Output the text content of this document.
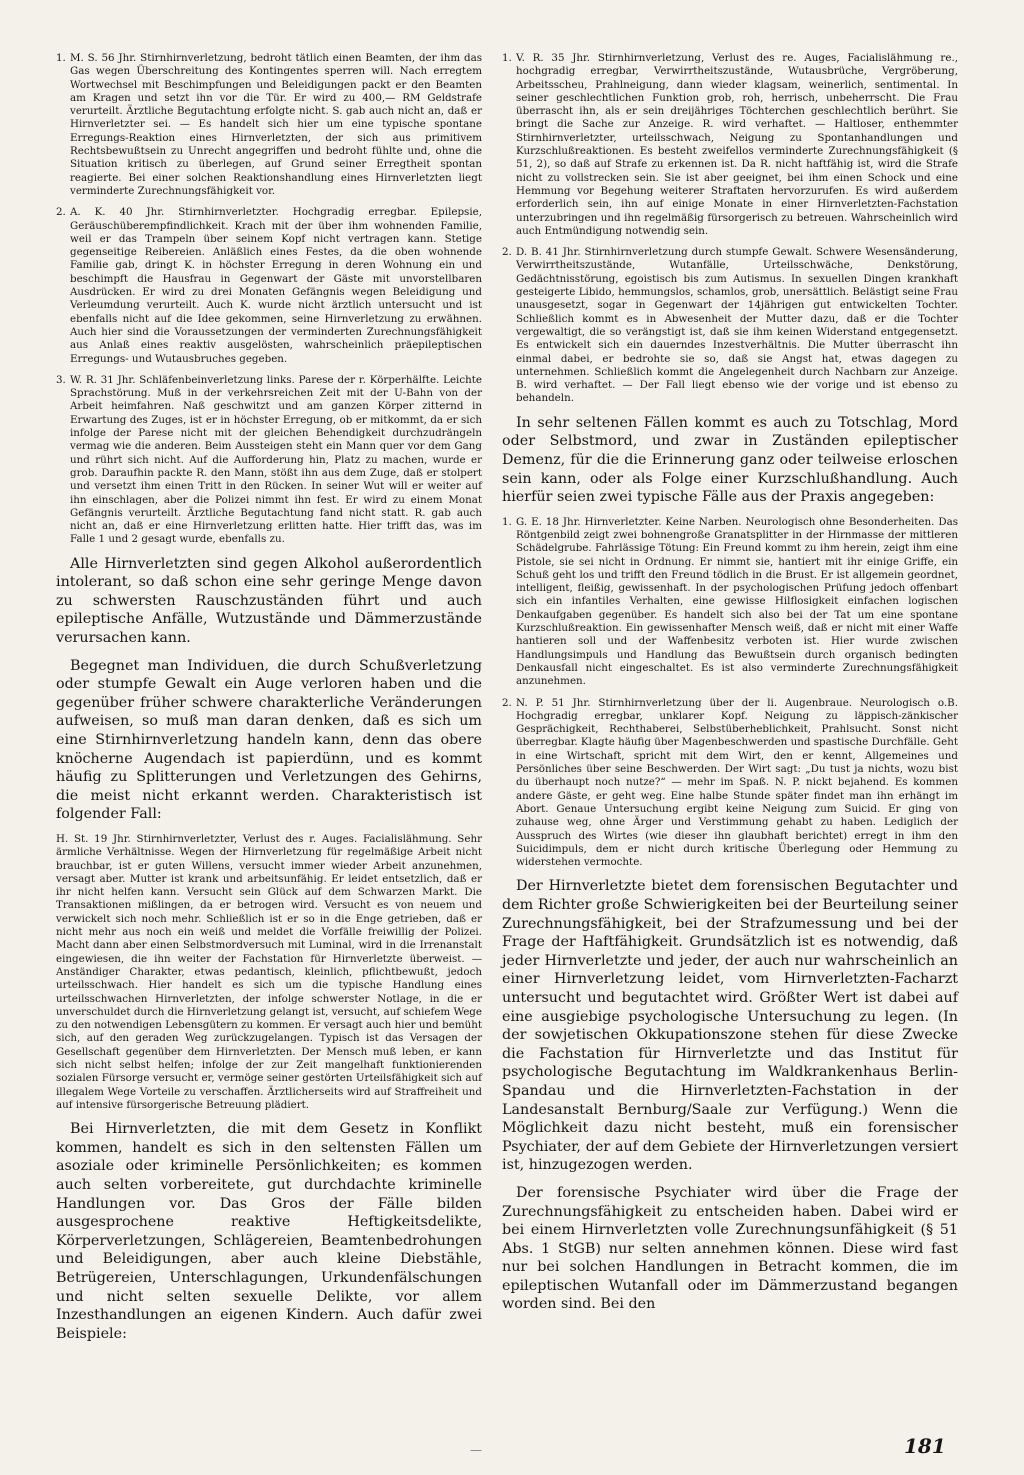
1. M. S. 56 Jhr. Stirnhirnverletzung, bedroht tätlich einen Beamten, der ihm das Gas wegen Überschreitung des Kontingentes sperren will. Nach erregtem Wortwechsel mit Beschimpfungen und Beleidigungen packt er den Beamten am Kragen und setzt ihn vor die Tür. Er wird zu 400,— RM Geldstrafe verurteilt. Ärztliche Begutachtung erfolgte nicht. S. gab auch nicht an, daß er Hirnverletzter sei. — Es handelt sich hier um eine typische spontane Erregungs-Reaktion eines Hirnverletzten, der sich aus primitivem Rechtsbewußtsein zu Unrecht angegriffen und bedroht fühlte und, ohne die Situation kritisch zu überlegen, auf Grund seiner Erregtheit spontan reagierte. Bei einer solchen Reaktionshandlung eines Hirnverletzten liegt verminderte Zurechnungsfähigkeit vor.
2. A. K. 40 Jhr. Stirnhirnverletzter. Hochgradig erregbar. Epilepsie, Geräuschüberempfindlichkeit. Krach mit der über ihm wohnenden Familie, weil er das Trampeln über seinem Kopf nicht vertragen kann. Stetige gegenseitige Reibereien. Anläßlich eines Festes, da die oben wohnende Familie gab, dringt K. in höchster Erregung in deren Wohnung ein und beschimpft die Hausfrau in Gegenwart der Gäste mit unvorstellbaren Ausdrücken. Er wird zu drei Monaten Gefängnis wegen Beleidigung und Verleumdung verurteilt. Auch K. wurde nicht ärztlich untersucht und ist ebenfalls nicht auf die Idee gekommen, seine Hirnverletzung zu erwähnen. Auch hier sind die Voraussetzungen der verminderten Zurechnungsfähigkeit aus Anlaß eines reaktiv ausgelösten, wahrscheinlich präepileptischen Erregungs- und Wutausbruches gegeben.
3. W. R. 31 Jhr. Schläfenbeinverletzung links. Parese der r. Körperhälfte. Leichte Sprachstörung. Muß in der verkehrsreichen Zeit mit der U-Bahn von der Arbeit heimfahren. Naß geschwitzt und am ganzen Körper zitternd in Erwartung des Zuges, ist er in höchster Erregung, ob er mitkommt, da er sich infolge der Parese nicht mit der gleichen Behendigkeit durchzudrängeln vermag wie die anderen. Beim Aussteigen steht ein Mann quer vor dem Gang und rührt sich nicht. Auf die Aufforderung hin, Platz zu machen, wurde er grob. Daraufhin packte R. den Mann, stößt ihn aus dem Zuge, daß er stolpert und versetzt ihm einen Tritt in den Rücken. In seiner Wut will er weiter auf ihn einschlagen, aber die Polizei nimmt ihn fest. Er wird zu einem Monat Gefängnis verurteilt. Ärztliche Begutachtung fand nicht statt. R. gab auch nicht an, daß er eine Hirnverletzung erlitten hatte. Hier trifft das, was im Falle 1 und 2 gesagt wurde, ebenfalls zu.

Alle Hirnverletzten sind gegen Alkohol außerordentlich intolerant, so daß schon eine sehr geringe Menge davon zu schwersten Rauschzuständen führt und auch epileptische Anfälle, Wutzustände und Dämmerzustände verursachen kann.

Begegnet man Individuen, die durch Schußverletzung oder stumpfe Gewalt ein Auge verloren haben und die gegenüber früher schwere charakterliche Veränderungen aufweisen, so muß man daran denken, daß es sich um eine Stirnhirnverletzung handeln kann, denn das obere knöcherne Augendach ist papierdünn, und es kommt häufig zu Splitterungen und Verletzungen des Gehirns, die meist nicht erkannt werden. Charakteristisch ist folgender Fall:

H. St. 19 Jhr. Stirnhirnverletzter, Verlust des r. Auges. Facialislähmung. Sehr ärmliche Verhältnisse. Wegen der Hirnverletzung für regelmäßige Arbeit nicht brauchbar, ist er guten Willens, versucht immer wieder Arbeit anzunehmen, versagt aber. Mutter ist krank und arbeitsunfähig. Er leidet entsetzlich, daß er ihr nicht helfen kann. Versucht sein Glück auf dem Schwarzen Markt. Die Transaktionen mißlingen, da er betrogen wird. Versucht es von neuem und verwickelt sich noch mehr. Schließlich ist er so in die Enge getrieben, daß er nicht mehr aus noch ein weiß und meldet die Vorfälle freiwillig der Polizei. Macht dann aber einen Selbstmordversuch mit Luminal, wird in die Irrenanstalt eingewiesen, die ihn weiter der Fachstation für Hirnverletzte überweist. — Anständiger Charakter, etwas pedantisch, kleinlich, pflichtbewußt, jedoch urteilsschwach. Hier handelt es sich um die typische Handlung eines urteilsschwachen Hirnverletzten, der infolge schwerster Notlage, in die er unverschuldet durch die Hirnverletzung gelangt ist, versucht, auf schiefem Wege zu den notwendigen Lebensgütern zu kommen. Er versagt auch hier und bemüht sich, auf den geraden Weg zurückzugelangen. Typisch ist das Versagen der Gesellschaft gegenüber dem Hirnverletzten. Der Mensch muß leben, er kann sich nicht selbst helfen; infolge der zur Zeit mangelhaft funktionierenden sozialen Fürsorge versucht er, vermöge seiner gestörten Urteilsfähigkeit sich auf illegalem Wege Vorteile zu verschaffen. Ärztlicherseits wird auf Straffreiheit und auf intensive fürsorgerische Betreuung plädiert.

Bei Hirnverletzten, die mit dem Gesetz in Konflikt kommen, handelt es sich in den seltensten Fällen um asoziale oder kriminelle Persönlichkeiten; es kommen auch selten vorbereitete, gut durchdachte kriminelle Handlungen vor. Das Gros der Fälle bilden ausgesprochene reaktive Heftigkeitsdelikte, Körperverletzungen, Schlägereien, Beamtenbedrohungen und Beleidigungen, aber auch kleine Diebstähle, Betrügereien, Unterschlagungen, Urkundenfälschungen und nicht selten sexuelle Delikte, vor allem Inzesthandlungen an eigenen Kindern. Auch dafür zwei Beispiele:

1. V. R. 35 Jhr. Stirnhirnverletzung, Verlust des re. Auges, Facialislähmung re., hochgradig erregbar, Verwirrtheitszustände, Wutausbrüche, Vergröberung, Arbeitsscheu, Prahlneigung, dann wieder klagsam, weinerlich, sentimental. In seiner geschlechtlichen Funktion grob, roh, herrisch, unbeherrscht. Die Frau überrascht ihn, als er sein dreijähriges Töchterchen geschlechtlich berührt. Sie bringt die Sache zur Anzeige. R. wird verhaftet. — Haltloser, enthemmter Stirnhirnverletzter, urteilsschwach, Neigung zu Spontanhandlungen und Kurzschlußreaktionen. Es besteht zweifellos verminderte Zurechnungsfähigkeit (§ 51, 2), so daß auf Strafe zu erkennen ist. Da R. nicht haftfähig ist, wird die Strafe nicht zu vollstrecken sein. Sie ist aber geeignet, bei ihm einen Schock und eine Hemmung vor Begehung weiterer Straftaten hervorzurufen. Es wird außerdem erforderlich sein, ihn auf einige Monate in einer Hirnverletzten-Fachstation unterzubringen und ihn regelmäßig fürsorgerisch zu betreuen. Wahrscheinlich wird auch Entmündigung notwendig sein.
2. D. B. 41 Jhr. Stirnhirnverletzung durch stumpfe Gewalt. Schwere Wesensänderung, Verwirrtheitszustände, Wutanfälle, Urteilsschwäche, Denkstörung, Gedächtnisstörung, egoistisch bis zum Autismus. In sexuellen Dingen krankhaft gesteigerte Libido, hemmungslos, schamlos, grob, unersättlich. Belästigt seine Frau unausgesetzt, sogar in Gegenwart der 14jährigen gut entwickelten Tochter. Schließlich kommt es in Abwesenheit der Mutter dazu, daß er die Tochter vergewaltigt, die so verängstigt ist, daß sie ihm keinen Widerstand entgegensetzt. Es entwickelt sich ein dauerndes Inzestverhältnis. Die Mutter überrascht ihn einmal dabei, er bedrohte sie so, daß sie Angst hat, etwas dagegen zu unternehmen. Schließlich kommt die Angelegenheit durch Nachbarn zur Anzeige. B. wird verhaftet. — Der Fall liegt ebenso wie der vorige und ist ebenso zu behandeln.

In sehr seltenen Fällen kommt es auch zu Totschlag, Mord oder Selbstmord, und zwar in Zuständen epileptischer Demenz, für die die Erinnerung ganz oder teilweise erloschen sein kann, oder als Folge einer Kurzschlußhandlung. Auch hierfür seien zwei typische Fälle aus der Praxis angegeben:

1. G. E. 18 Jhr. Hirnverletzter. Keine Narben. Neurologisch ohne Besonderheiten. Das Röntgenbild zeigt zwei bohnengroße Granatsplitter in der Hirnmasse der mittleren Schädelgrube. Fahrlässige Tötung: Ein Freund kommt zu ihm herein, zeigt ihm eine Pistole, sie sei nicht in Ordnung. Er nimmt sie, hantiert mit ihr einige Griffe, ein Schuß geht los und trifft den Freund tödlich in die Brust. Er ist allgemein geordnet, intelligent, fleißig, gewissenhaft. In der psychologischen Prüfung jedoch offenbart sich ein infantiles Verhalten, eine gewisse Hilflosigkeit einfachen logischen Denkaufgaben gegenüber. Es handelt sich also bei der Tat um eine spontane Kurzschlußreaktion. Ein gewissenhafter Mensch weiß, daß er nicht mit einer Waffe hantieren soll und der Waffenbesitz verboten ist. Hier wurde zwischen Handlungsimpuls und Handlung das Bewußtsein durch organisch bedingten Denkausfall nicht eingeschaltet. Es ist also verminderte Zurechnungsfähigkeit anzunehmen.
2. N. P. 51 Jhr. Stirnhirnverletzung über der li. Augenbraue. Neurologisch o.B. Hochgradig erregbar, unklarer Kopf. Neigung zu läppisch-zänkischer Gesprächigkeit, Rechthaberei, Selbstüberheblichkeit, Prahlsucht. Sonst nicht überregbar. Klagte häufig über Magenbeschwerden und spastische Durchfälle. Geht in eine Wirtschaft, spricht mit dem Wirt, den er kennt, Allgemeines und Persönliches über seine Beschwerden. Der Wirt sagt: „Du tust ja nichts, wozu bist du überhaupt noch nutze?“ — mehr im Spaß. N. P. nickt bejahend. Es kommen andere Gäste, er geht weg. Eine halbe Stunde später findet man ihn erhängt im Abort. Genaue Untersuchung ergibt keine Neigung zum Suicid. Er ging von zuhause weg, ohne Ärger und Verstimmung gehabt zu haben. Lediglich der Ausspruch des Wirtes (wie dieser ihn glaubhaft berichtet) erregt in ihm den Suicidimpuls, dem er nicht durch kritische Überlegung oder Hemmung zu widerstehen vermochte.

Der Hirnverletzte bietet dem forensischen Begutachter und dem Richter große Schwierigkeiten bei der Beurteilung seiner Zurechnungsfähigkeit, bei der Strafzumessung und bei der Frage der Haftfähigkeit. Grundsätzlich ist es notwendig, daß jeder Hirnverletzte und jeder, der auch nur wahrscheinlich an einer Hirnverletzung leidet, vom Hirnverletzten-Facharzt untersucht und begutachtet wird. Größter Wert ist dabei auf eine ausgiebige psychologische Untersuchung zu legen. (In der sowjetischen Okkupationszone stehen für diese Zwecke die Fachstation für Hirnverletzte und das Institut für psychologische Begutachtung im Waldkrankenhaus Berlin-Spandau und die Hirnverletzten-Fachstation in der Landesanstalt Bernburg/Saale zur Verfügung.) Wenn die Möglichkeit dazu nicht besteht, muß ein forensischer Psychiater, der auf dem Gebiete der Hirnverletzungen versiert ist, hinzugezogen werden.

Der forensische Psychiater wird über die Frage der Zurechnungsfähigkeit zu entscheiden haben. Dabei wird er bei einem Hirnverletzten volle Zurechnungsunfähigkeit (§ 51 Abs. 1 StGB) nur selten annehmen können. Diese wird fast nur bei solchen Handlungen in Betracht kommen, die im epileptischen Wutanfall oder im Dämmerzustand begangen worden sind. Bei den

—	181
